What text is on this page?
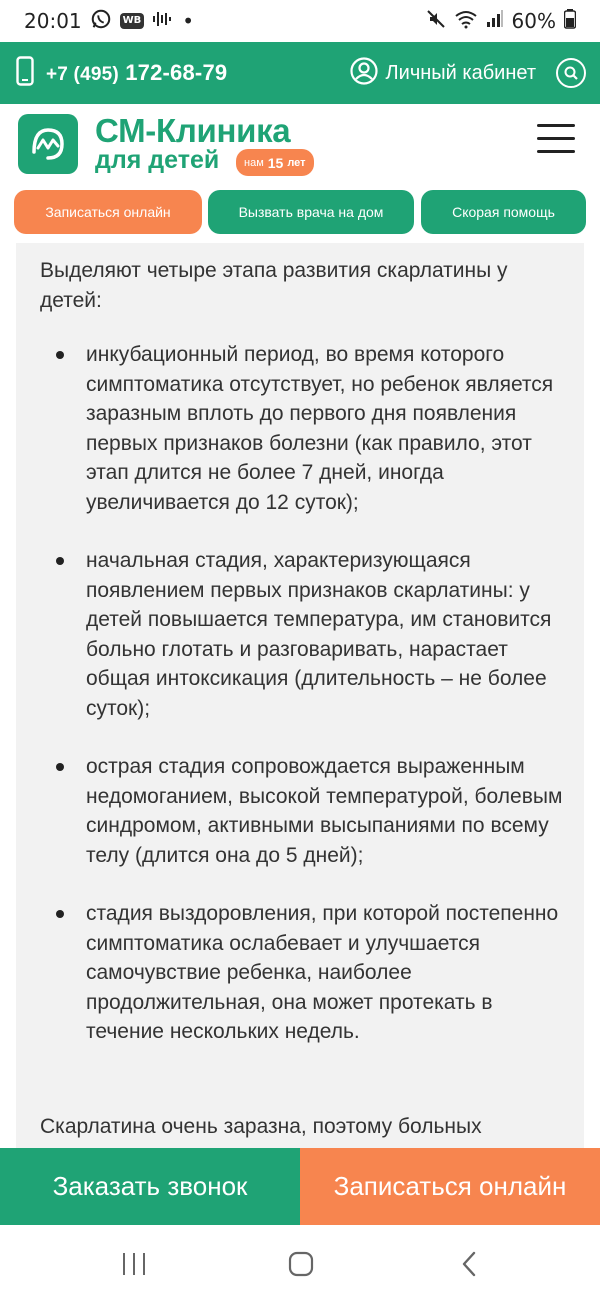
20:01	WB •	60%
+7 (495) 172-68-79	Личный кабинет
СМ-Клиника
для детей нам 15 лет
Записаться онлайн	Вызвать врача на дом	Скорая помощь

Выделяют четыре этапа развития скарлатины у детей:

инкубационный период, во время которого симптоматика отсутствует, но ребенок является заразным вплоть до первого дня появления первых признаков болезни (как правило, этот этап длится не более 7 дней, иногда увеличивается до 12 суток);
начальная стадия, характеризующаяся появлением первых признаков скарлатины: у детей повышается температура, им становится больно глотать и разговаривать, нарастает общая интоксикация (длительность – не более суток);
острая стадия сопровождается выраженным недомоганием, высокой температурой, болевым синдромом, активными высыпаниями по всему телу (длится она до 5 дней);
стадия выздоровления, при которой постепенно симптоматика ослабевает и улучшается самочувствие ребенка, наиболее продолжительная, она может протекать в течение нескольких недель.

Скарлатина очень заразна, поэтому больных

Заказать звонок	Записаться онлайн
